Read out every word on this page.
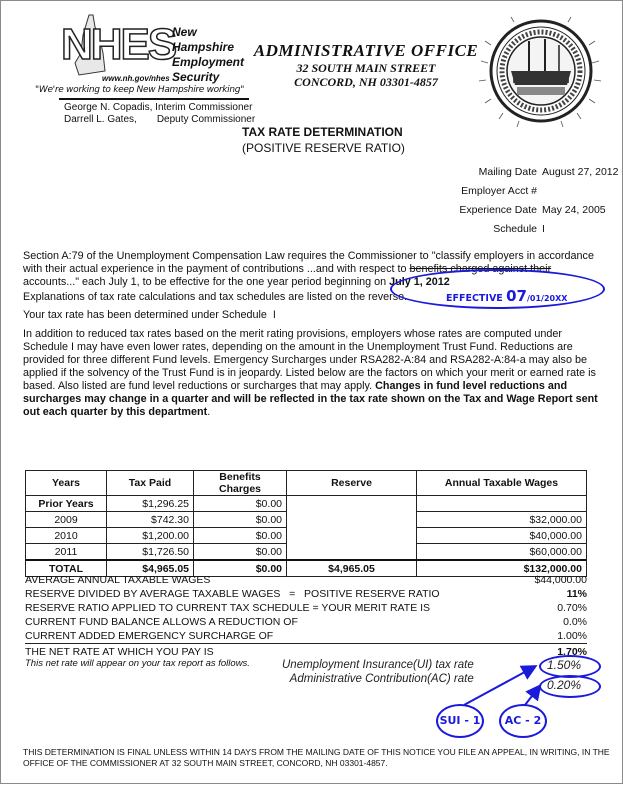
NHES
New Hampshire
Employment
Security
www.nh.gov/nhes
"We're working to keep New Hampshire working"
George N. Copadis, Interim Commissioner
Darrell L. Gates, Deputy Commissioner
ADMINISTRATIVE OFFICE
32 SOUTH MAIN STREET
CONCORD, NH 03301-4857
TAX RATE DETERMINATION
(POSITIVE RESERVE RATIO)
Mailing Date August 27, 2012
Employer Acct #
Experience Date May 24, 2005
Schedule I
Section A:79 of the Unemployment Compensation Law requires the Commissioner to "classify employers in accordance with their actual experience in the payment of contributions ...and with respect to benefits charged against their
accounts..." each July 1, to be effective for the one year period beginning on July 1, 2012
Explanations of tax rate calculations and tax schedules are listed on the reverse.
Your tax rate has been determined under Schedule I
In addition to reduced tax rates based on the merit rating provisions, employers whose rates are computed under Schedule I may have even lower rates, depending on the amount in the Unemployment Trust Fund. Reductions are provided for three different Fund levels. Emergency Surcharges under RSA282-A:84 and RSA282-A:84-a may also be applied if the solvency of the Trust Fund is in jeopardy. Listed below are the factors on which your merit or earned rate is based. Also listed are fund level reductions or surcharges that may apply. Changes in fund level reductions and surcharges may change in a quarter and will be reflected in the tax rate shown on the Tax and Wage Report sent out each quarter by this department.
EFFECTIVE 07/01/20XX
Years	Tax Paid	Benefits Charges	Reserve	Annual Taxable Wages
Prior Years	$1,296.25	$0.00		
2009	$742.30	$0.00		$32,000.00
2010	$1,200.00	$0.00		$40,000.00
2011	$1,726.50	$0.00		$60,000.00
TOTAL	$4,965.05	$0.00	$4,965.05	$132,000.00
AVERAGE ANNUAL TAXABLE WAGES	$44,000.00
RESERVE DIVIDED BY AVERAGE TAXABLE WAGES   =   POSITIVE RESERVE RATIO	11%
RESERVE RATIO APPLIED TO CURRENT TAX SCHEDULE = YOUR MERIT RATE IS	0.70%
CURRENT FUND BALANCE ALLOWS A REDUCTION OF	0.0%
CURRENT ADDED EMERGENCY SURCHARGE OF	1.00%
THE NET RATE AT WHICH YOU PAY IS	1.70%
This net rate will appear on your tax report as follows.	Unemployment Insurance(UI) tax rate
Administrative Contribution(AC) rate
1.50%
0.20%
SUI - 1	AC - 2
THIS DETERMINATION IS FINAL UNLESS WITHIN 14 DAYS FROM THE MAILING DATE OF THIS NOTICE YOU FILE AN APPEAL, IN WRITING, IN THE OFFICE OF THE COMMISSIONER AT 32 SOUTH MAIN STREET, CONCORD, NH 03301-4857.
